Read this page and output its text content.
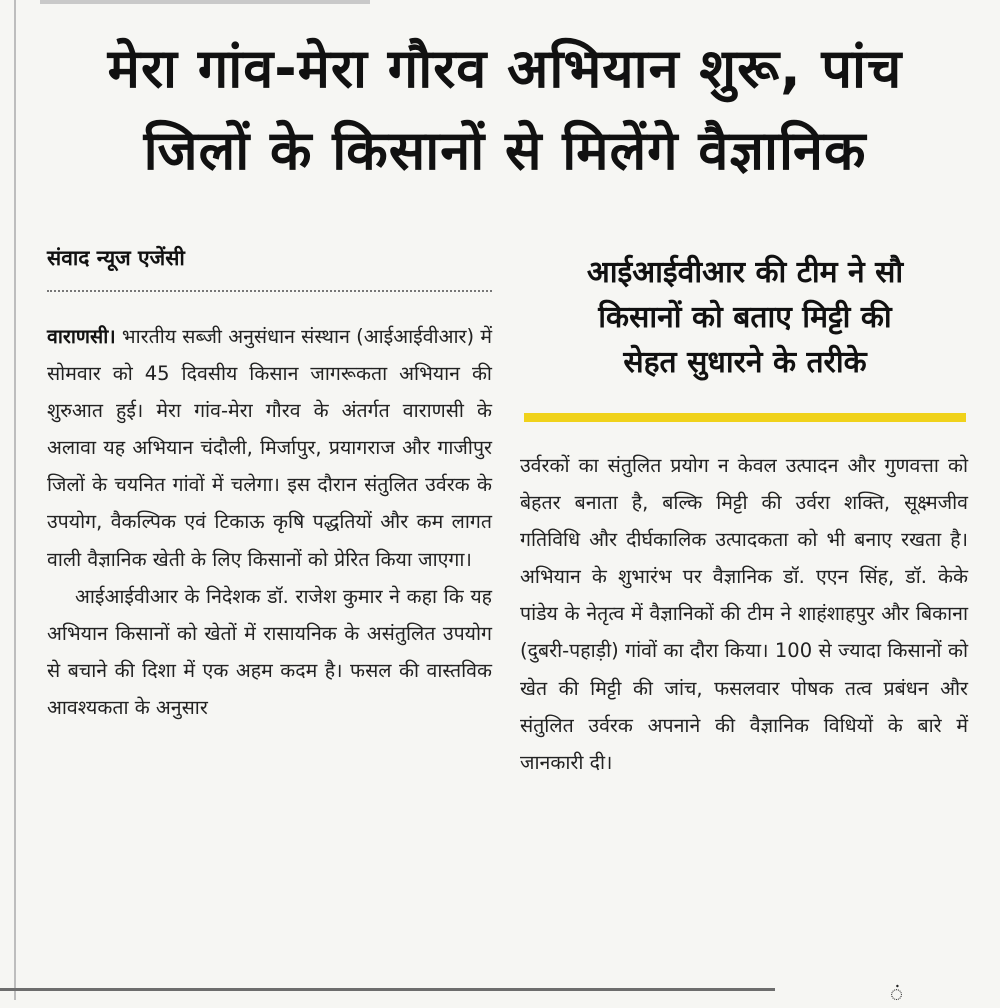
मेरा गांव-मेरा गौरव अभियान शुरू, पांच
जिलों के किसानों से मिलेंगे वैज्ञानिक
संवाद न्यूज एजेंसी

वाराणसी। भारतीय सब्जी अनुसंधान संस्थान (आईआईवीआर) में सोमवार को 45 दिवसीय किसान जागरूकता अभियान की शुरुआत हुई। मेरा गांव-मेरा गौरव के अंतर्गत वाराणसी के अलावा यह अभियान चंदौली, मिर्जापुर, प्रयागराज और गाजीपुर जिलों के चयनित गांवों में चलेगा। इस दौरान संतुलित उर्वरक के उपयोग, वैकल्पिक एवं टिकाऊ कृषि पद्धतियों और कम लागत वाली वैज्ञानिक खेती के लिए किसानों को प्रेरित किया जाएगा।

आईआईवीआर के निदेशक डॉ. राजेश कुमार ने कहा कि यह अभियान किसानों को खेतों में रासायनिक के असंतुलित उपयोग से बचाने की दिशा में एक अहम कदम है। फसल की वास्तविक आवश्यकता के अनुसार

आईआईवीआर की टीम ने सौ
किसानों को बताए मिट्टी की
सेहत सुधारने के तरीके

उर्वरकों का संतुलित प्रयोग न केवल उत्पादन और गुणवत्ता को बेहतर बनाता है, बल्कि मिट्टी की उर्वरा शक्ति, सूक्ष्मजीव गतिविधि और दीर्घकालिक उत्पादकता को भी बनाए रखता है। अभियान के शुभारंभ पर वैज्ञानिक डॉ. एएन सिंह, डॉ. केके पांडेय के नेतृत्व में वैज्ञानिकों की टीम ने शाहंशाहपुर और बिकाना (दुबरी-पहाड़ी) गांवों का दौरा किया। 100 से ज्यादा किसानों को खेत की मिट्टी की जांच, फसलवार पोषक तत्व प्रबंधन और संतुलित उर्वरक अपनाने की वैज्ञानिक विधियों के बारे में जानकारी दी।

ं
